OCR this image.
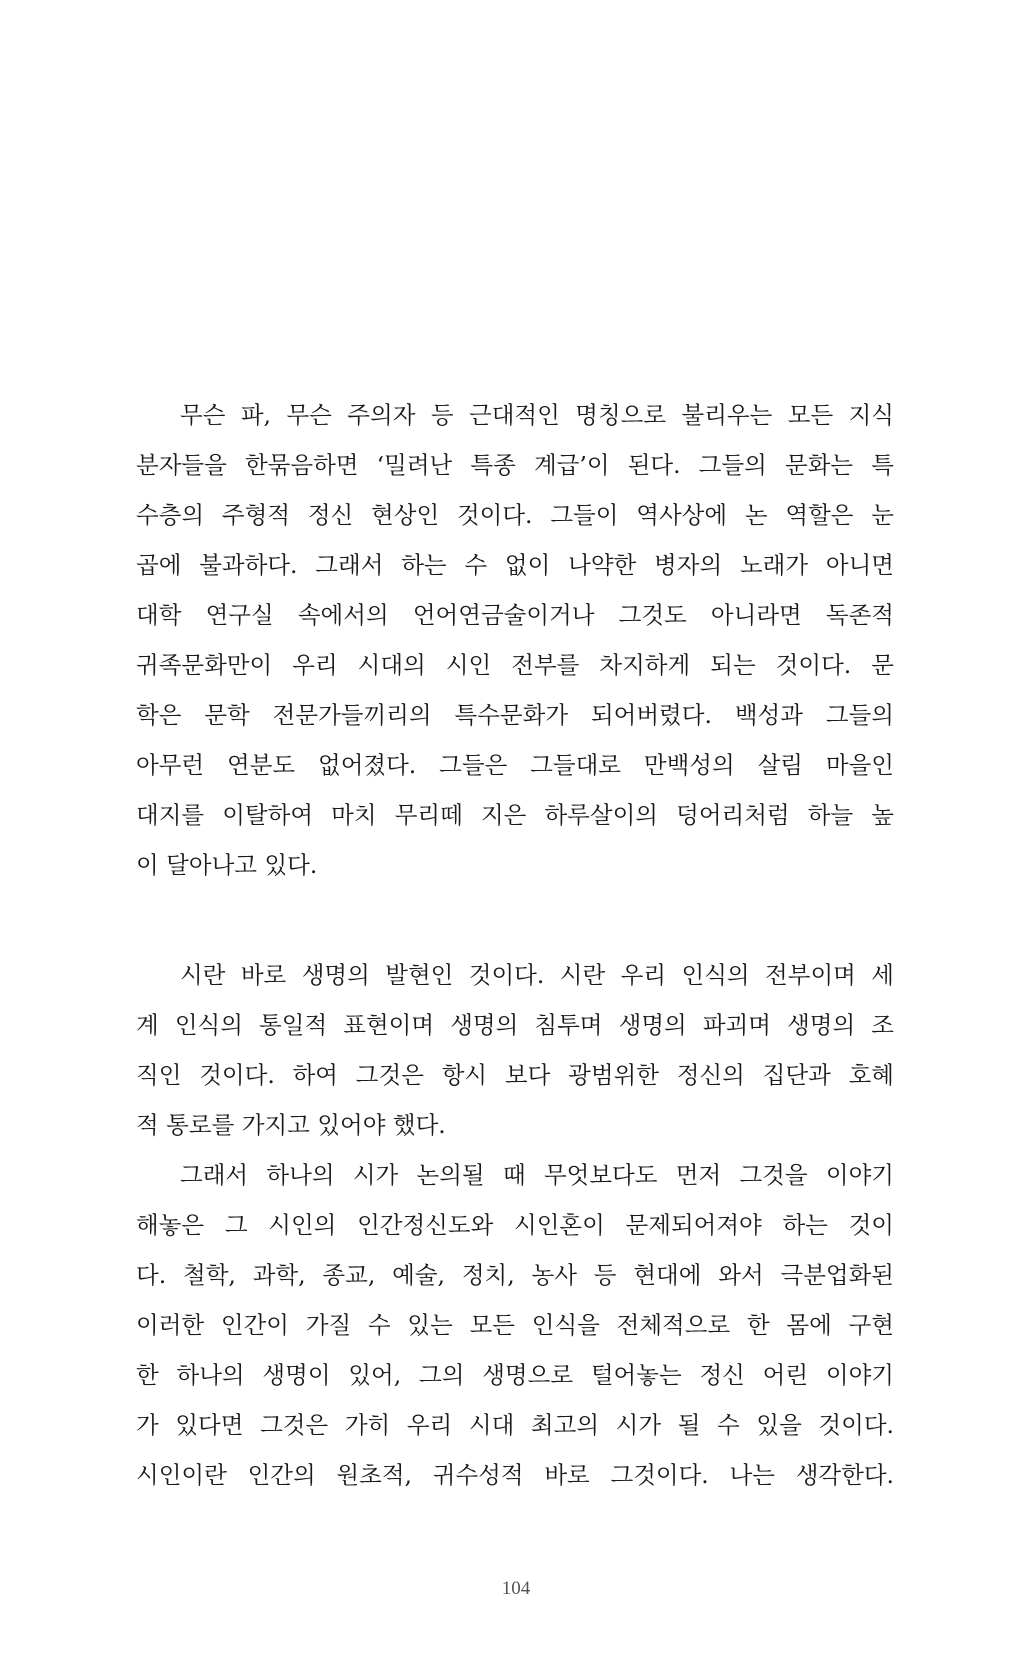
무슨 파, 무슨 주의자 등 근대적인 명칭으로 불리우는 모든 지식
분자들을 한묶음하면 ‘밀려난 특종 계급’이 된다. 그들의 문화는 특
수층의 주형적 정신 현상인 것이다. 그들이 역사상에 논 역할은 눈
곱에 불과하다. 그래서 하는 수 없이 나약한 병자의 노래가 아니면
대학 연구실 속에서의 언어연금술이거나 그것도 아니라면 독존적
귀족문화만이 우리 시대의 시인 전부를 차지하게 되는 것이다. 문
학은 문학 전문가들끼리의 특수문화가 되어버렸다. 백성과 그들의
아무런 연분도 없어졌다. 그들은 그들대로 만백성의 살림 마을인
대지를 이탈하여 마치 무리떼 지은 하루살이의 덩어리처럼 하늘 높
이 달아나고 있다.
시란 바로 생명의 발현인 것이다. 시란 우리 인식의 전부이며 세
계 인식의 통일적 표현이며 생명의 침투며 생명의 파괴며 생명의 조
직인 것이다. 하여 그것은 항시 보다 광범위한 정신의 집단과 호혜
적 통로를 가지고 있어야 했다.
그래서 하나의 시가 논의될 때 무엇보다도 먼저 그것을 이야기
해놓은 그 시인의 인간정신도와 시인혼이 문제되어져야 하는 것이
다. 철학, 과학, 종교, 예술, 정치, 농사 등 현대에 와서 극분업화된
이러한 인간이 가질 수 있는 모든 인식을 전체적으로 한 몸에 구현
한 하나의 생명이 있어, 그의 생명으로 털어놓는 정신 어린 이야기
가 있다면 그것은 가히 우리 시대 최고의 시가 될 수 있을 것이다.
시인이란 인간의 원초적, 귀수성적 바로 그것이다. 나는 생각한다.
104
